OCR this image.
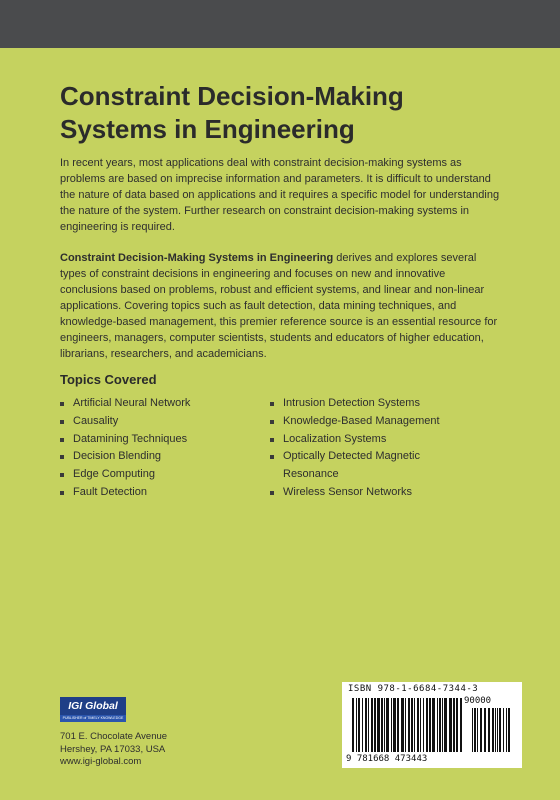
Constraint Decision-Making Systems in Engineering

In recent years, most applications deal with constraint decision-making systems as problems are based on imprecise information and parameters. It is difficult to understand the nature of data based on applications and it requires a specific model for understanding the nature of the system. Further research on constraint decision-making systems in engineering is required.

Constraint Decision-Making Systems in Engineering derives and explores several types of constraint decisions in engineering and focuses on new and innovative conclusions based on problems, robust and efficient systems, and linear and non-linear applications. Covering topics such as fault detection, data mining techniques, and knowledge-based management, this premier reference source is an essential resource for engineers, managers, computer scientists, students and educators of higher education, librarians, researchers, and academicians.

Topics Covered
Artificial Neural Network
Causality
Datamining Techniques
Decision Blending
Edge Computing
Fault Detection
Intrusion Detection Systems
Knowledge-Based Management
Localization Systems
Optically Detected Magnetic Resonance
Wireless Sensor Networks
IGI Global
PUBLISHER of TIMELY KNOWLEDGE
701 E. Chocolate Avenue
Hershey, PA 17033, USA
www.igi-global.com
ISBN 978-1-6684-7344-3
90000
9 781668 473443
